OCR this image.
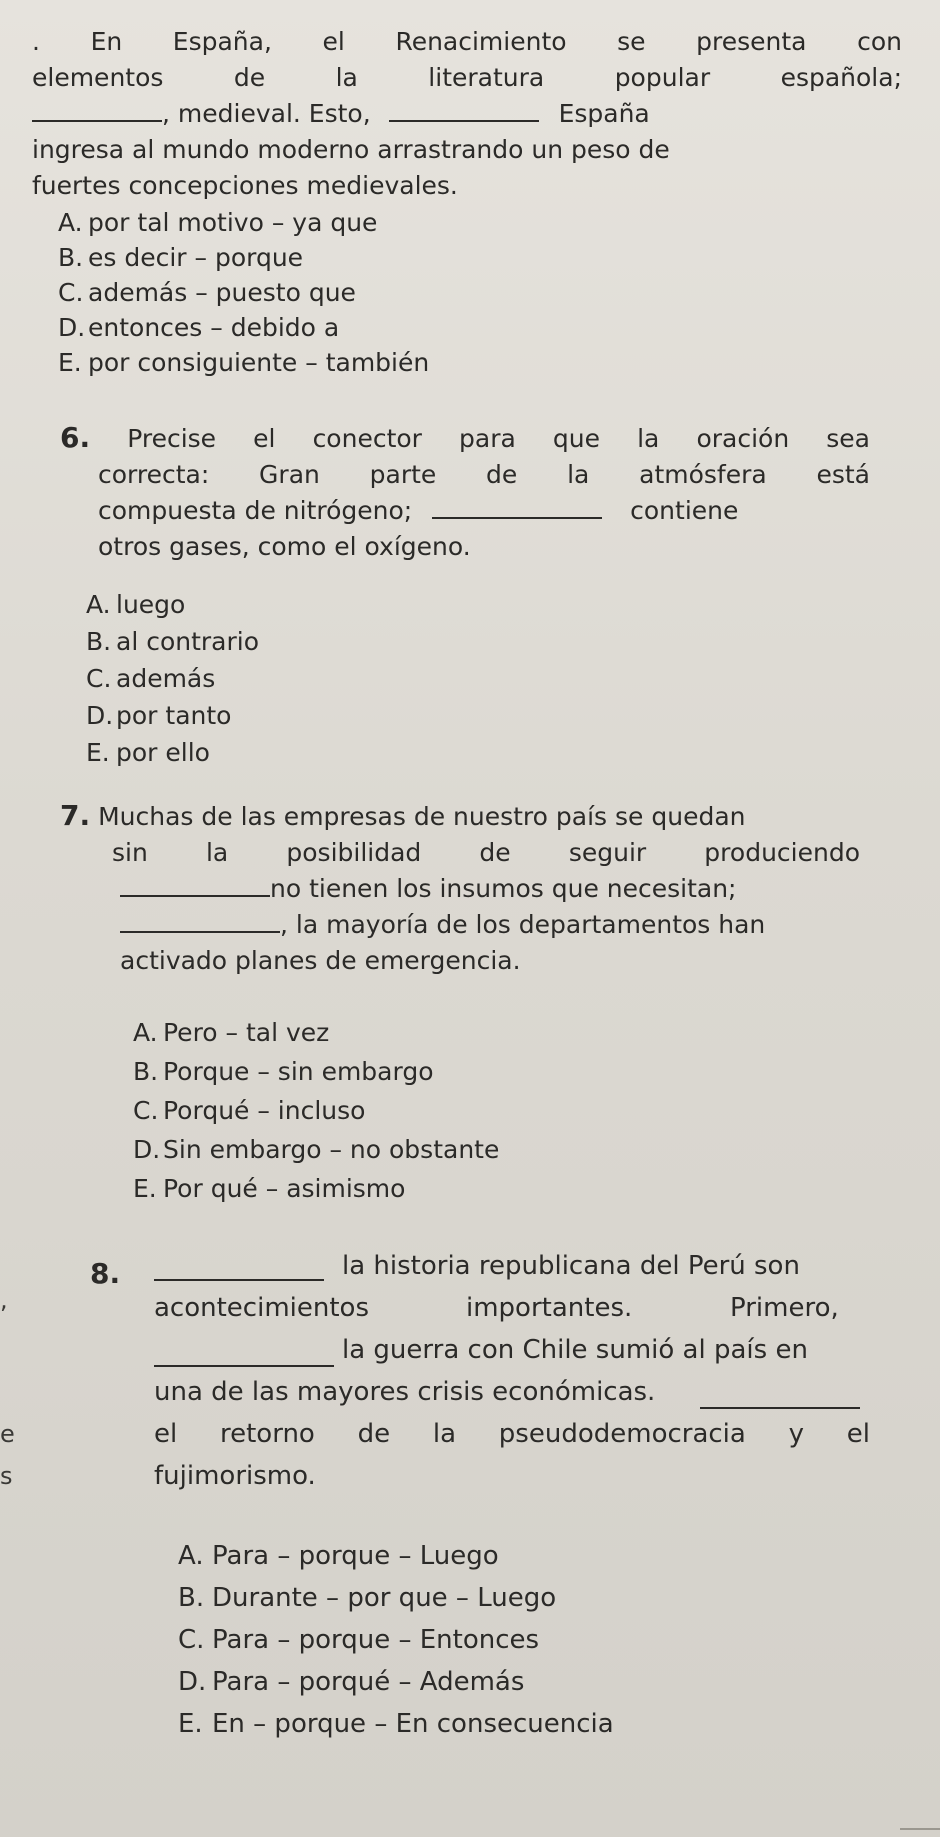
. En España, el Renacimiento se presenta con
elementos de la literatura popular española;
, medieval. Esto,	España
ingresa al mundo moderno arrastrando un peso de
fuertes concepciones medievales.
A. por tal motivo – ya que
B. es decir – porque
C. además – puesto que
D. entonces – debido a
E. por consiguiente – también
6. Precise el conector para que la oración sea
correcta: Gran parte de la atmósfera está
compuesta de nitrógeno;	contiene
otros gases, como el oxígeno.
A. luego
B. al contrario
C. además
D. por tanto
E. por ello
7. Muchas de las empresas de nuestro país se quedan
sin la posibilidad de seguir produciendo
no tienen los insumos que necesitan;
, la mayoría de los departamentos han
activado planes de emergencia.
A. Pero – tal vez
B. Porque – sin embargo
C. Porqué – incluso
D. Sin embargo – no obstante
E. Por qué – asimismo
,
e
s
8.	la historia republicana del Perú son
acontecimientos	importantes.	Primero,
la guerra con Chile sumió al país en
una de las mayores crisis económicas.
el retorno de la pseudodemocracia y el
fujimorismo.
A. Para – porque – Luego
B. Durante – por que – Luego
C. Para – porque – Entonces
D. Para – porqué – Además
E. En – porque – En consecuencia
